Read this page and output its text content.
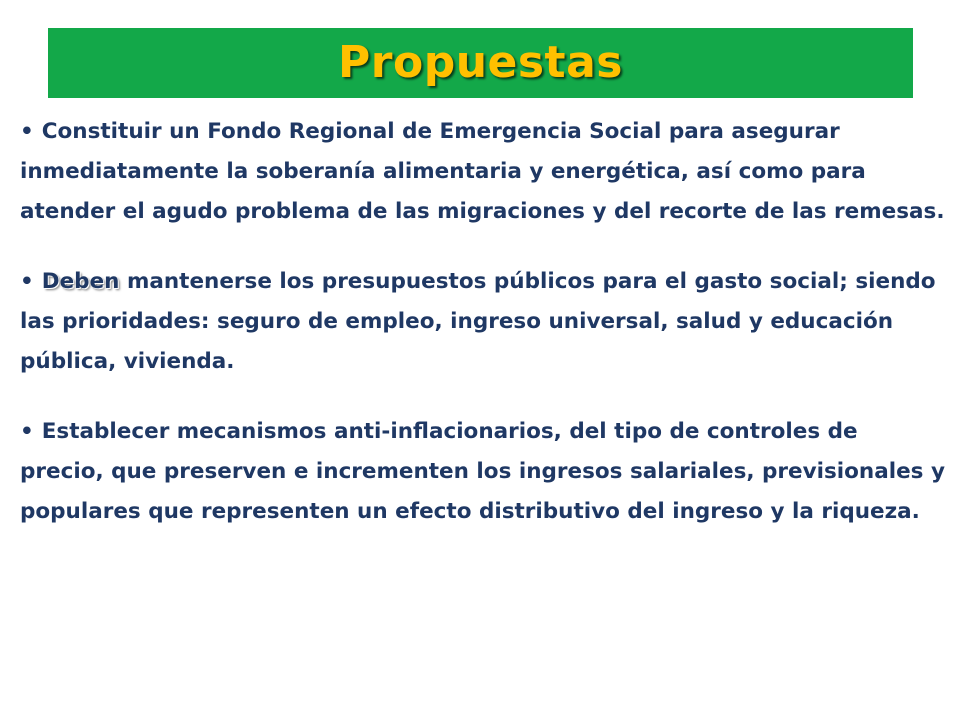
Propuestas

• Constituir un Fondo Regional de Emergencia Social para asegurar inmediatamente la soberanía alimentaria y energética, así como para atender el agudo problema de las migraciones y del recorte de las remesas.

• Deben mantenerse los presupuestos públicos para el gasto social; siendo las prioridades: seguro de empleo, ingreso universal, salud y educación pública, vivienda.

• Establecer mecanismos anti-inflacionarios, del tipo de controles de precio, que preserven e incrementen los ingresos salariales, previsionales y populares que representen un efecto distributivo del ingreso y la riqueza.
